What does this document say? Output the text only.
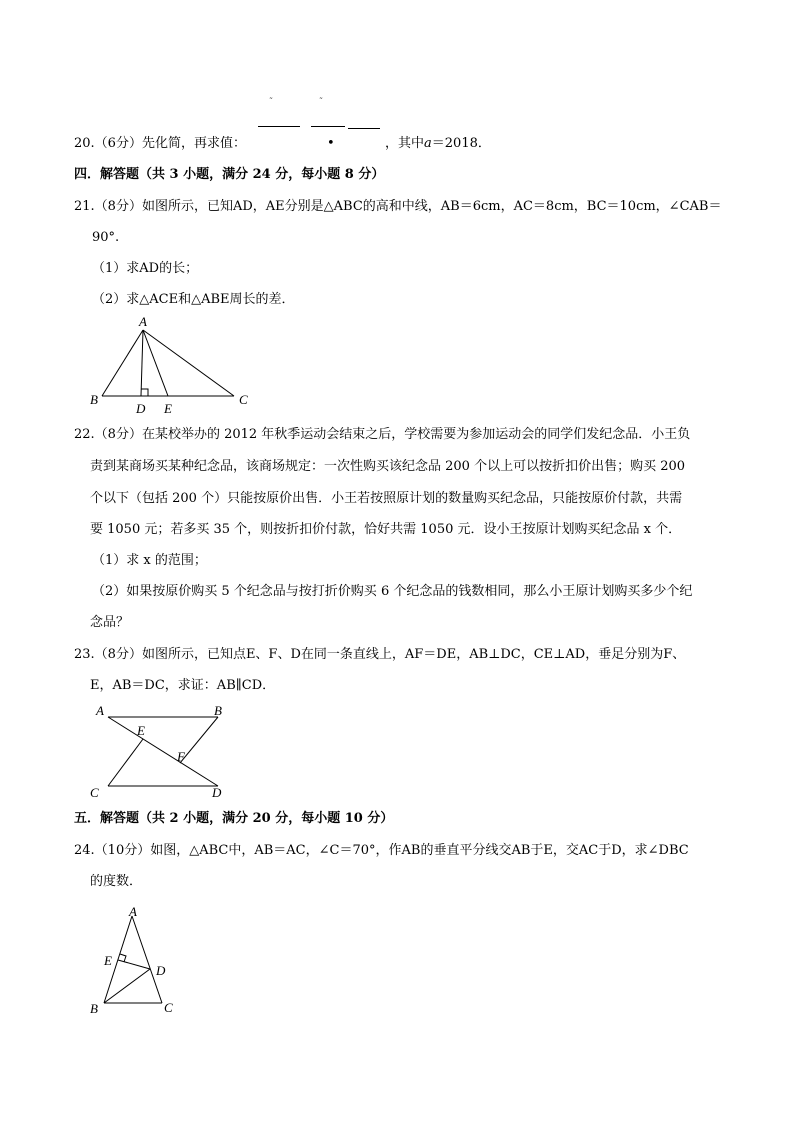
˜	˜
20.（6分）先化简，再求值：	•	，其中a＝2018．
四．解答题（共 3 小题，满分 24 分，每小题 8 分）
21.（8分）如图所示，已知AD，AE分别是△ABC的高和中线，AB＝6cm，AC＝8cm，BC＝10cm，∠CAB＝
90°.
（1）求AD的长；
（2）求△ACE和△ABE周长的差．
A
B	C
D E
22.（8分）在某校举办的 2012 年秋季运动会结束之后，学校需要为参加运动会的同学们发纪念品．小王负
责到某商场买某种纪念品，该商场规定：一次性购买该纪念品 200 个以上可以按折扣价出售；购买 200
个以下（包括 200 个）只能按原价出售．小王若按照原计划的数量购买纪念品，只能按原价付款，共需
要 1050 元；若多买 35 个，则按折扣价付款，恰好共需 1050 元．设小王按原计划购买纪念品 x 个．
（1）求 x 的范围；
（2）如果按原价购买 5 个纪念品与按打折价购买 6 个纪念品的钱数相同，那么小王原计划购买多少个纪
念品？
23.（8分）如图所示，已知点E、F、D在同一条直线上，AF＝DE，AB⊥DC，CE⊥AD，垂足分别为F、
E，AB＝DC，求证：AB∥CD．
A	B
C	D
E
F
五．解答题（共 2 小题，满分 20 分，每小题 10 分）
24.（10分）如图，△ABC中，AB＝AC，∠C＝70°，作AB的垂直平分线交AB于E，交AC于D，求∠DBC
的度数．
A
B	C
D
E
